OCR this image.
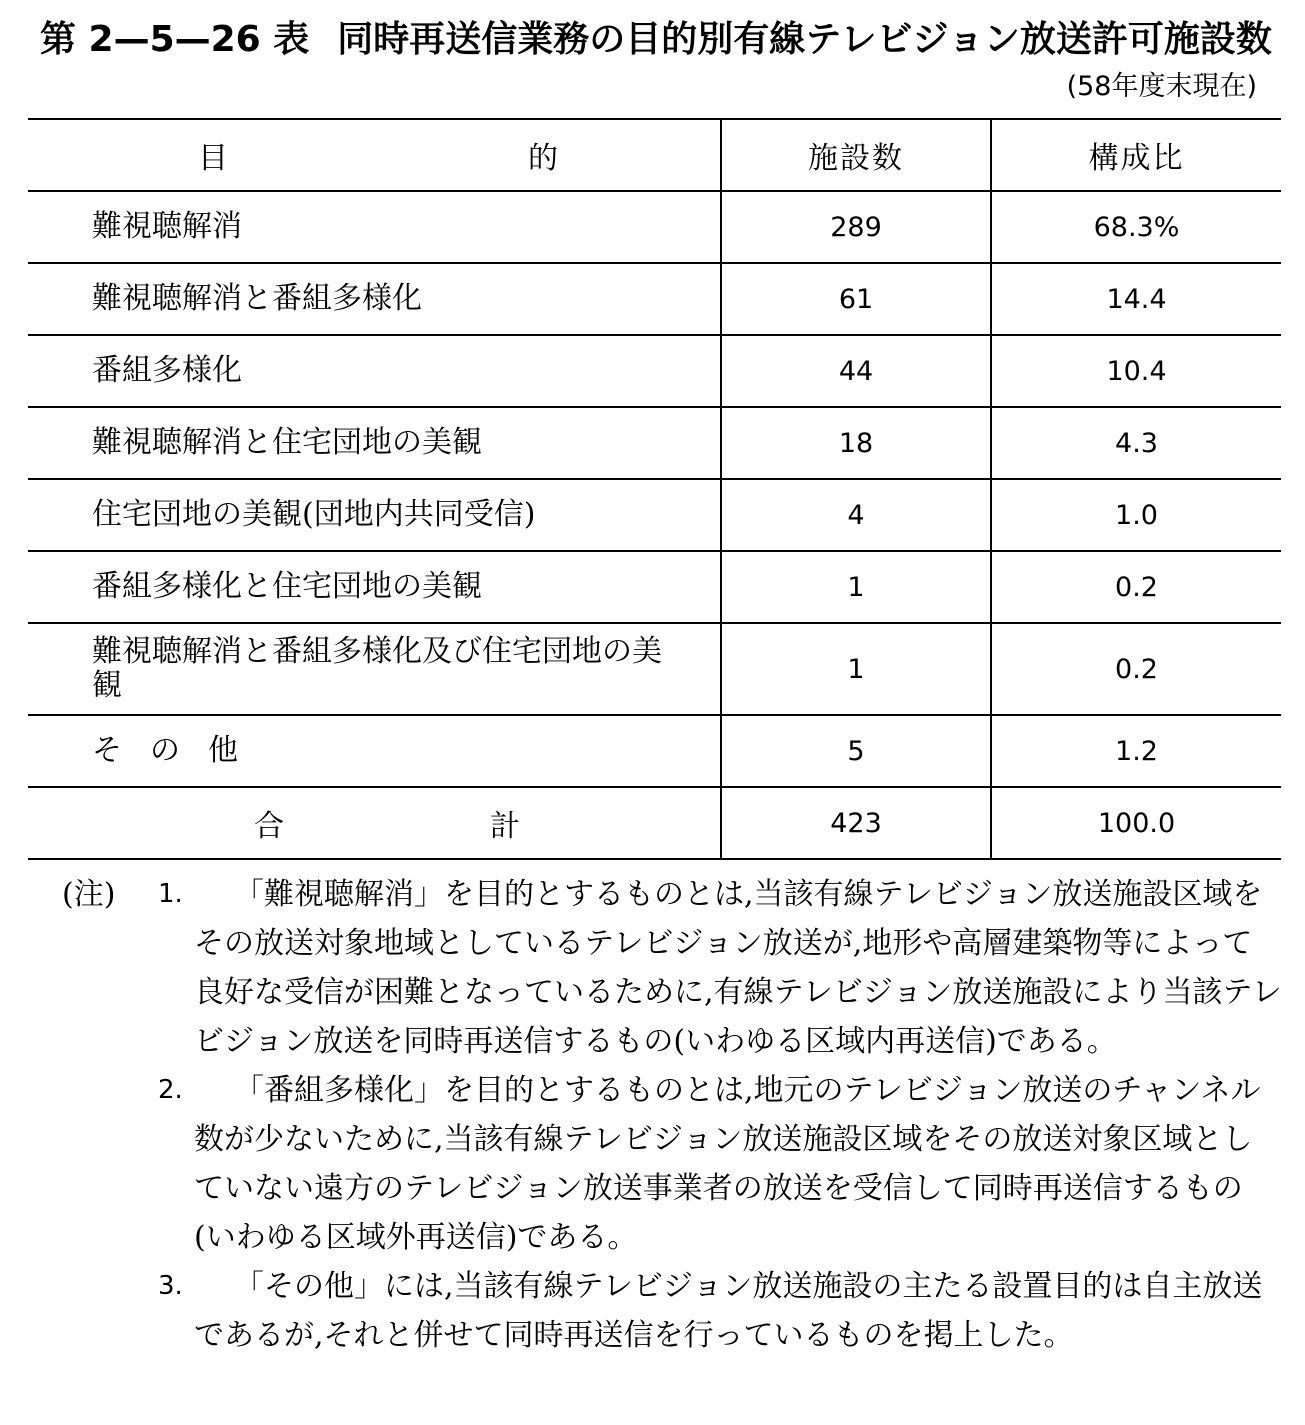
第 2—5—26 表 同時再送信業務の目的別有線テレビジョン放送許可施設数
(58年度末現在)
目 的	施設数	構成比
難視聴解消	289	68.3%
難視聴解消と番組多様化	61	14.4
番組多様化	44	10.4
難視聴解消と住宅団地の美観	18	4.3
住宅団地の美観(団地内共同受信)	4	1.0
番組多様化と住宅団地の美観	1	0.2
難視聴解消と番組多様化及び住宅団地の美観	1	0.2
その他	5	1.2

合 計	423	100.0
(注)	1.	「難視聴解消」を目的とするものとは,当該有線テレビジョン放送施設区域をその放送対象地域としているテレビジョン放送が,地形や高層建築物等によって良好な受信が困難となっているために,有線テレビジョン放送施設により当該テレビジョン放送を同時再送信するもの(いわゆる区域内再送信)である。
2.	「番組多様化」を目的とするものとは,地元のテレビジョン放送のチャンネル数が少ないために,当該有線テレビジョン放送施設区域をその放送対象区域としていない遠方のテレビジョン放送事業者の放送を受信して同時再送信するもの(いわゆる区域外再送信)である。
3.	「その他」には,当該有線テレビジョン放送施設の主たる設置目的は自主放送であるが,それと併せて同時再送信を行っているものを掲上した。
